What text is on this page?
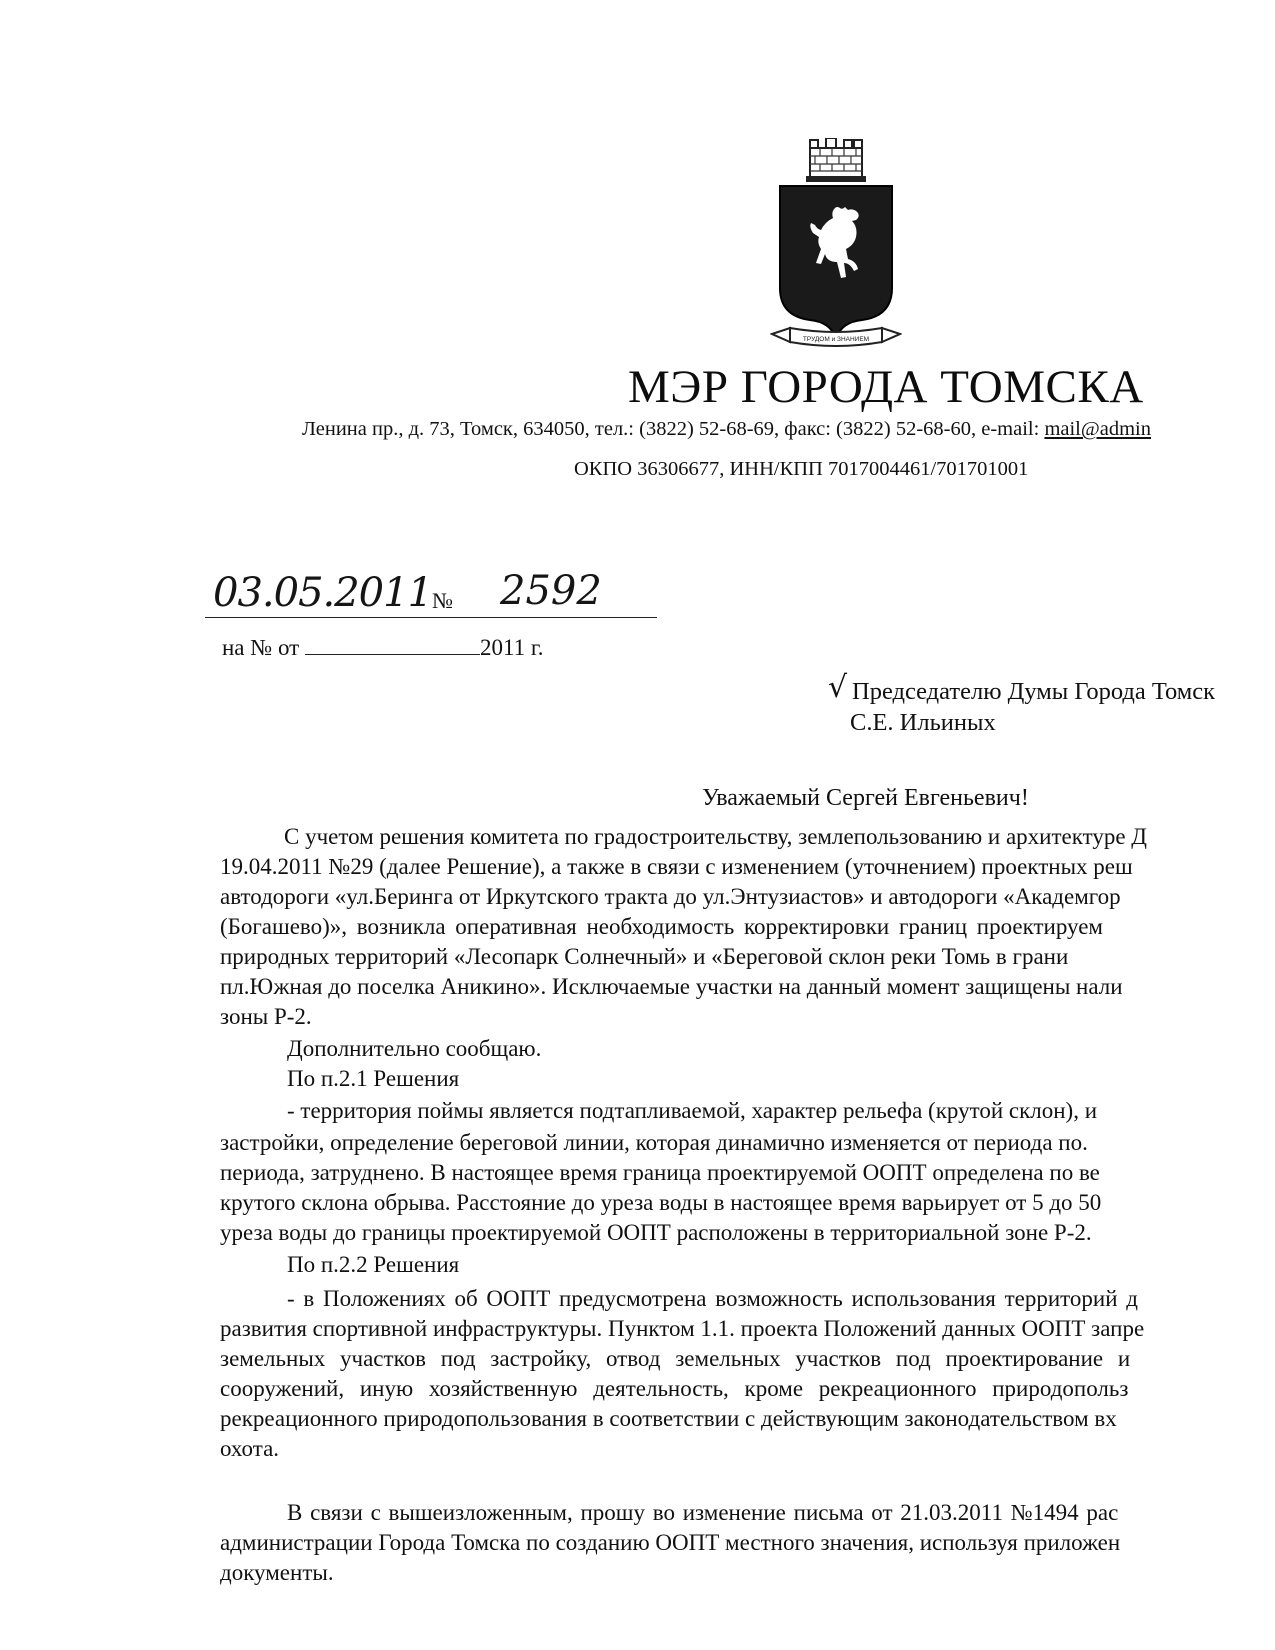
ТРУДОМ и ЗНАНИЕМ
МЭР ГОРОДА ТОМСКА
Ленина пр., д. 73, Томск, 634050, тел.: (3822) 52-68-69, факс: (3822) 52-68-60, e-mail: mail@admin
ОКПО 36306677, ИНН/КПП 7017004461/701701001
03.05.2011 № 2592
на № от	2011 г.
√ Председателю Думы Города Томск
С.Е. Ильиных
Уважаемый Сергей Евгеньевич!
С учетом решения комитета по градостроительству, землепользованию и архитектуре Д
19.04.2011 №29 (далее Решение), а также в связи с изменением (уточнением) проектных реш
автодороги «ул.Беринга от Иркутского тракта до ул.Энтузиастов» и автодороги «Академгор
(Богашево)», возникла оперативная необходимость корректировки границ проектируем
природных территорий «Лесопарк Солнечный» и «Береговой склон реки Томь в грани
пл.Южная до поселка Аникино». Исключаемые участки на данный момент защищены нали
зоны Р-2.
Дополнительно сообщаю.
По п.2.1 Решения
- территория поймы является подтапливаемой, характер рельефа (крутой склон), и
застройки, определение береговой линии, которая динамично изменяется от периода по.
периода, затруднено. В настоящее время граница проектируемой ООПТ определена по ве
крутого склона обрыва. Расстояние до уреза воды в настоящее время варьирует от 5 до 50
уреза воды до границы проектируемой ООПТ расположены в территориальной зоне Р-2.
По п.2.2 Решения
- в Положениях об ООПТ предусмотрена возможность использования территорий д
развития спортивной инфраструктуры. Пунктом 1.1. проекта Положений данных ООПТ запре
земельных участков под застройку, отвод земельных участков под проектирование и
сооружений, иную хозяйственную деятельность, кроме рекреационного природопольз
рекреационного природопользования в соответствии с действующим законодательством вх
охота.
В связи с вышеизложенным, прошу во изменение письма от 21.03.2011 №1494 рас
администрации Города Томска по созданию ООПТ местного значения, используя приложен
документы.
